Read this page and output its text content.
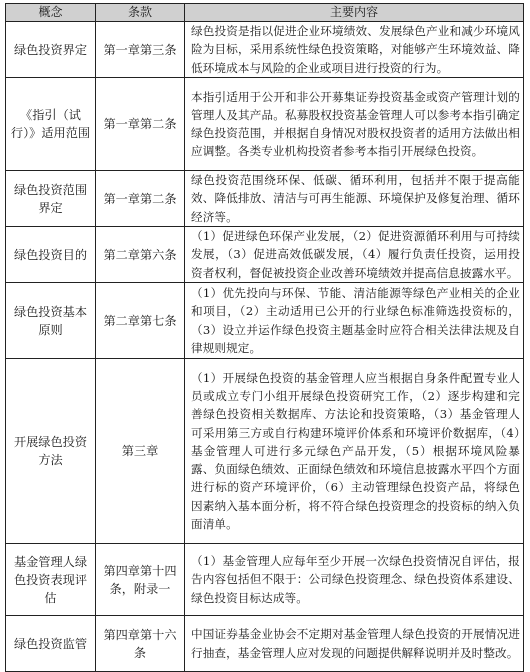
概念	条款	主要内容
绿色投资界定	第一章第三条	绿色投资是指以促进企业环境绩效、发展绿色产业和减少环境风险为目标，采用系统性绿色投资策略，对能够产生环境效益、降低环境成本与风险的企业或项目进行投资的行为。
《指引（试行）》适用范围	第一章第二条	本指引适用于公开和非公开募集证券投资基金或资产管理计划的管理人及其产品。私募股权投资基金管理人可以参考本指引确定绿色投资范围，并根据自身情况对股权投资者的适用方法做出相应调整。各类专业机构投资者参考本指引开展绿色投资。
绿色投资范围界定	第一章第二条	绿色投资范围绕环保、低碳、循环利用，包括并不限于提高能效、降低排放、清洁与可再生能源、环境保护及修复治理、循环经济等。
绿色投资目的	第二章第六条	（1）促进绿色环保产业发展，（2）促进资源循环利用与可持续发展，（3）促进高效低碳发展，（4）履行负责任投资，运用投资者权利，督促被投资企业改善环境绩效并提高信息披露水平。
绿色投资基本原则	第二章第七条	（1）优先投向与环保、节能、清洁能源等绿色产业相关的企业和项目，（2）主动适用已公开的行业绿色标准筛选投资标的，（3）设立并运作绿色投资主题基金时应符合相关法律法规及自律规则规定。
开展绿色投资方法	第三章	（1）开展绿色投资的基金管理人应当根据自身条件配置专业人员或成立专门小组开展绿色投资研究工作，（2）逐步构建和完善绿色投资相关数据库、方法论和投资策略，（3）基金管理人可采用第三方或自行构建环境评价体系和环境评价数据库，（4）基金管理人可进行多元绿色产品开发，（5）根据环境风险暴露、负面绿色绩效、正面绿色绩效和环境信息披露水平四个方面进行标的资产环境评价，（6）主动管理绿色投资产品，将绿色因素纳入基本面分析，将不符合绿色投资理念的投资标的纳入负面清单。
基金管理人绿色投资表现评估	第四章第十四条，附录一	（1）基金管理人应每年至少开展一次绿色投资情况自评估，报告内容包括但不限于：公司绿色投资理念、绿色投资体系建设、绿色投资目标达成等。
绿色投资监管	第四章第十六条	中国证券基金业协会不定期对基金管理人绿色投资的开展情况进行抽查，基金管理人应对发现的问题提供解释说明并及时整改。
